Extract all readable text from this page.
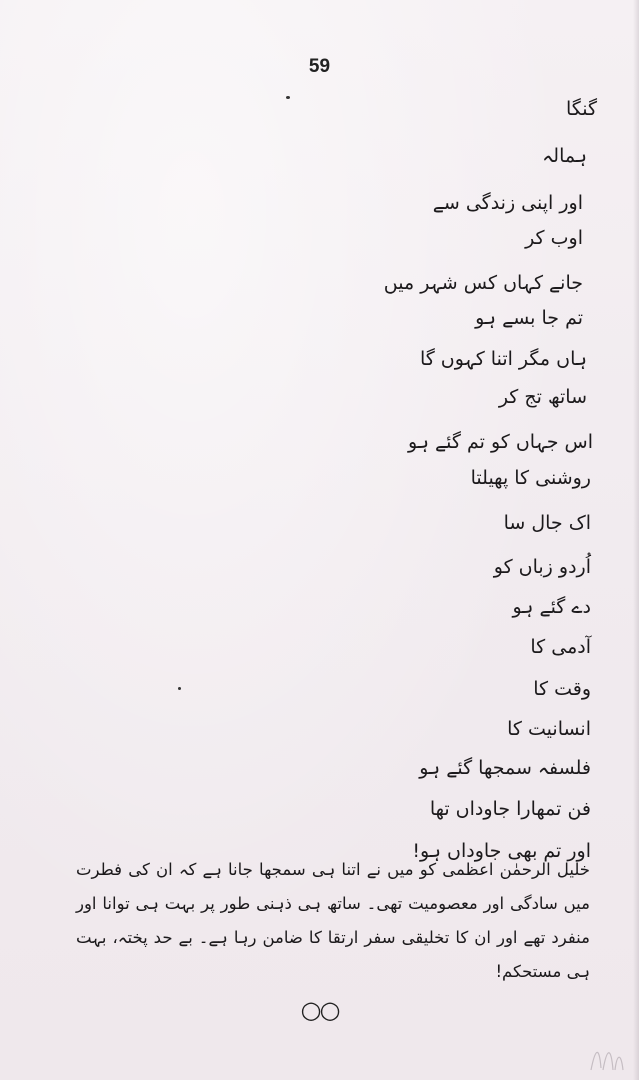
59
گنگا
ہمالہ
اور اپنی زندگی سے
اوب کر
جانے کہاں کس شہر میں
تم جا بسے ہو
ہاں مگر اتنا کہوں گا
ساتھ تج کر
اس جہاں کو تم گئے ہو
روشنی کا پھیلتا
اک جال سا
اُردو زباں کو
دے گئے ہو
آدمی کا
وقت کا
انسانیت کا
فلسفہ سمجھا گئے ہو
فن تمھارا جاوداں تھا
اور تم بھی جاوداں ہو!

خلیل الرحمٰن اعظمی کو میں نے اتنا ہی سمجھا جانا ہے کہ ان کی فطرت میں سادگی اور معصومیت تھی۔ ساتھ ہی ذہنی طور پر بہت ہی توانا اور منفرد تھے اور ان کا تخلیقی سفر ارتقا کا ضامن رہا ہے۔ بے حد پختہ، بہت ہی مستحکم!

○○
